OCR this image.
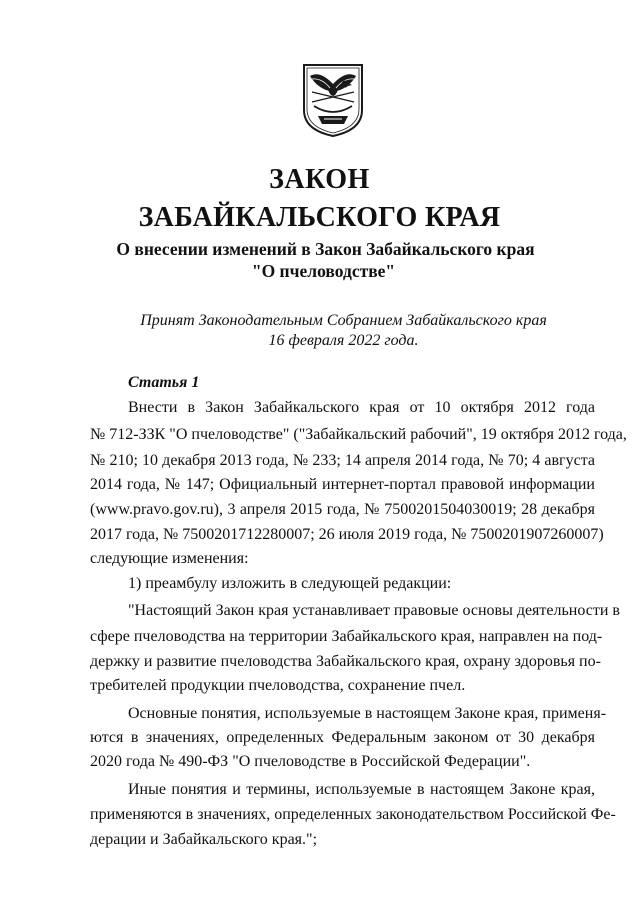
ЗАКОН
ЗАБАЙКАЛЬСКОГО КРАЯ
О внесении изменений в Закон Забайкальского края
"О пчеловодстве"
Принят Законодательным Собранием Забайкальского края
16 февраля 2022 года.
Статья 1
Внести в Закон Забайкальского края от 10 октября 2012 года
№ 712-ЗЗК "О пчеловодстве" ("Забайкальский рабочий", 19 октября 2012 года,
№ 210; 10 декабря 2013 года, № 233; 14 апреля 2014 года, № 70; 4 августа
2014 года, № 147; Официальный интернет-портал правовой информации
(www.pravo.gov.ru), 3 апреля 2015 года, № 7500201504030019; 28 декабря
2017 года, № 7500201712280007; 26 июля 2019 года, № 7500201907260007)
следующие изменения:
1) преамбулу изложить в следующей редакции:
"Настоящий Закон края устанавливает правовые основы деятельности в
сфере пчеловодства на территории Забайкальского края, направлен на под-
держку и развитие пчеловодства Забайкальского края, охрану здоровья по-
требителей продукции пчеловодства, сохранение пчел.
Основные понятия, используемые в настоящем Законе края, применя-
ются в значениях, определенных Федеральным законом от 30 декабря
2020 года № 490-ФЗ "О пчеловодстве в Российской Федерации".
Иные понятия и термины, используемые в настоящем Законе края,
применяются в значениях, определенных законодательством Российской Фе-
дерации и Забайкальского края.";
